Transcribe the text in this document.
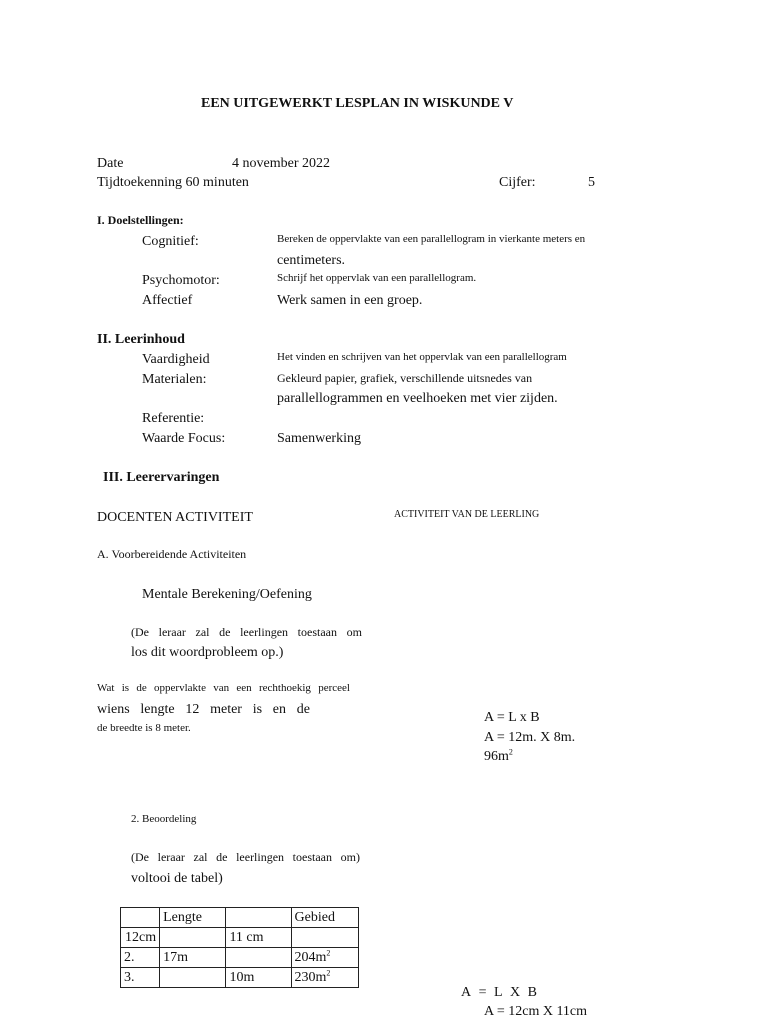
EEN UITGEWERKT LESPLAN IN WISKUNDE V
Date	4 november 2022
Tijdtoekenning 60 minuten	Cijfer:	5
I. Doelstellingen:
Cognitief:	Bereken de oppervlakte van een parallellogram in vierkante meters en
centimeters.
Psychomotor:	Schrijf het oppervlak van een parallellogram.
Affectief	Werk samen in een groep.
II. Leerinhoud
Vaardigheid	Het vinden en schrijven van het oppervlak van een parallellogram
Materialen:	Gekleurd papier, grafiek, verschillende uitsnedes van
parallellogrammen en veelhoeken met vier zijden.
Referentie:
Waarde Focus:	Samenwerking
III. Leerervaringen
DOCENTEN ACTIVITEIT	ACTIVITEIT VAN DE LEERLING
A. Voorbereidende Activiteiten
Mentale Berekening/Oefening
(De leraar zal de leerlingen toestaan om
los dit woordprobleem op.)
Wat is de oppervlakte van een rechthoekig perceel
wiens lengte 12 meter is en de
de breedte is 8 meter.
A = L x B
A = 12m. X 8m.
$96m^2$
2. Beoordeling
(De leraar zal de leerlingen toestaan om)
voltooi de tabel)
	Lengte		Gebied
12cm		11 cm	
2.	17m		$204m^2$
3.		10m	$230m^2$
A = L X B
A = 12cm X 11cm
